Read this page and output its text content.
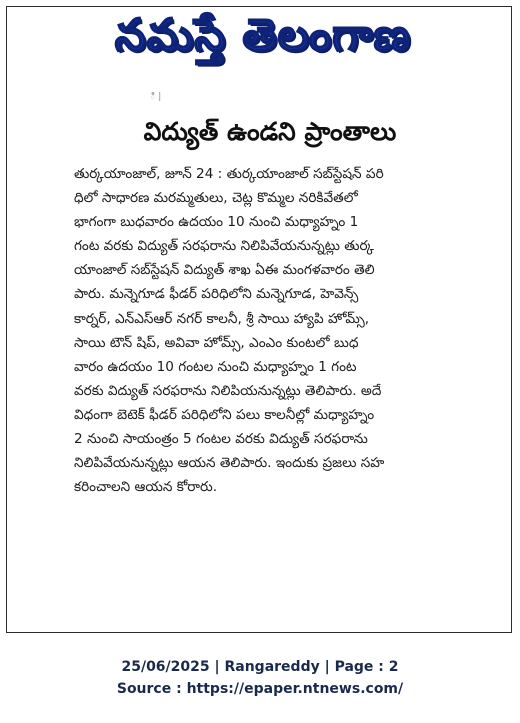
నమస్తే తెలంగాణ
ి|
విద్యుత్‌ ఉండని ప్రాంతాలు
తుర్కయాంజాల్‌, జూన్‌ 24 : తుర్కయాంజాల్‌ సబ్‌స్టేషన్‌ పరి
ధిలో సాధారణ మరమ్మతులు, చెట్ల కొమ్మల నరికివేతలో
భాగంగా బుధవారం ఉదయం 10 నుంచి మధ్యాహ్నం 1
గంట వరకు విద్యుత్‌ సరఫరాను నిలిపివేయనున్నట్లు తుర్క
యాంజాల్‌ సబ్‌స్టేషన్‌ విద్యుత్‌ శాఖ ఏఈ మంగళవారం తెలి
పారు. మన్నెగూడ ఫీడర్‌ పరిధిలోని మన్నెగూడ, హెవెన్స్‌
కార్నర్‌, ఎన్‌ఎస్‌ఆర్‌ నగర్‌ కాలనీ, శ్రీ సాయి హ్యాపి హోమ్స్‌,
సాయి టౌన్‌ షిప్‌, అవివా హోమ్స్‌, ఎంఎం కుంటలో బుధ
వారం ఉదయం 10 గంటల నుంచి మధ్యాహ్నం 1 గంట
వరకు విద్యుత్‌ సరఫరాను నిలిపియనున్నట్లు తెలిపారు. అదే
విధంగా బెటెక్‌ ఫీడర్‌ పరిధిలోని పలు కాలనీల్లో మధ్యాహ్నం
2 నుంచి సాయంత్రం 5 గంటల వరకు విద్యుత్‌ సరఫరాను
నిలిపివేయనున్నట్లు ఆయన తెలిపారు. ఇందుకు ప్రజలు సహ
కరించాలని ఆయన కోరారు.
25/06/2025 | Rangareddy | Page : 2
Source : https://epaper.ntnews.com/
